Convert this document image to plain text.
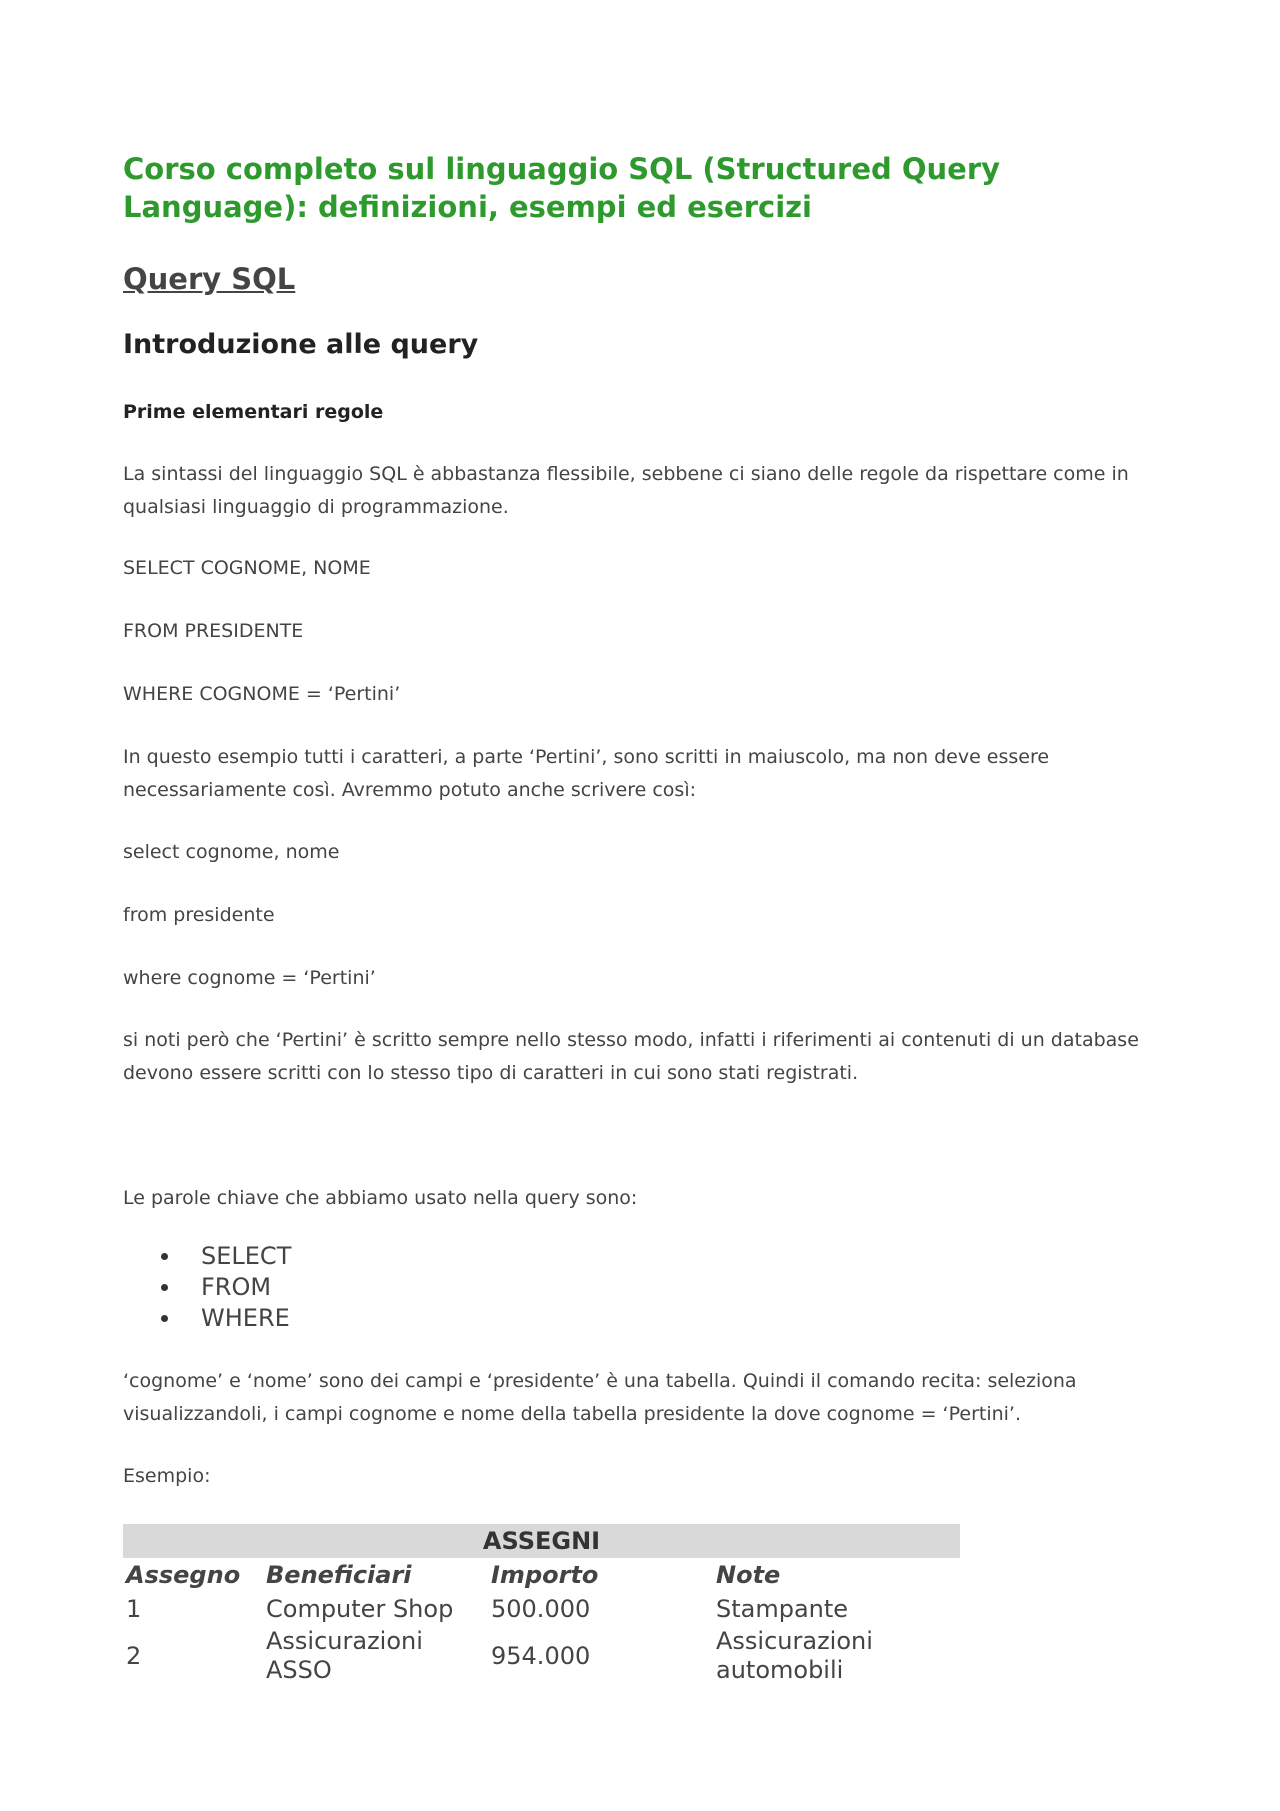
Corso completo sul linguaggio SQL (Structured Query Language): definizioni, esempi ed esercizi
Query SQL
Introduzione alle query
Prime elementari regole

La sintassi del linguaggio SQL è abbastanza flessibile, sebbene ci siano delle regole da rispettare come in qualsiasi linguaggio di programmazione.

SELECT COGNOME, NOME

FROM PRESIDENTE

WHERE COGNOME = ‘Pertini’

In questo esempio tutti i caratteri, a parte ‘Pertini’, sono scritti in maiuscolo, ma non deve essere necessariamente così. Avremmo potuto anche scrivere così:

select cognome, nome

from presidente

where cognome = ‘Pertini’

si noti però che ‘Pertini’ è scritto sempre nello stesso modo, infatti i riferimenti ai contenuti di un database devono essere scritti con lo stesso tipo di caratteri in cui sono stati registrati.

Le parole chiave che abbiamo usato nella query sono:

SELECT
FROM
WHERE

‘cognome’ e ‘nome’ sono dei campi e ‘presidente’ è una tabella. Quindi il comando recita: seleziona visualizzandoli, i campi cognome e nome della tabella presidente la dove cognome = ‘Pertini’.

Esempio:

ASSEGNI			
Assegno	Beneficiari	Importo	Note
1	Computer Shop	500.000	Stampante
2	Assicurazioni ASSO	954.000	Assicurazioni automobili
